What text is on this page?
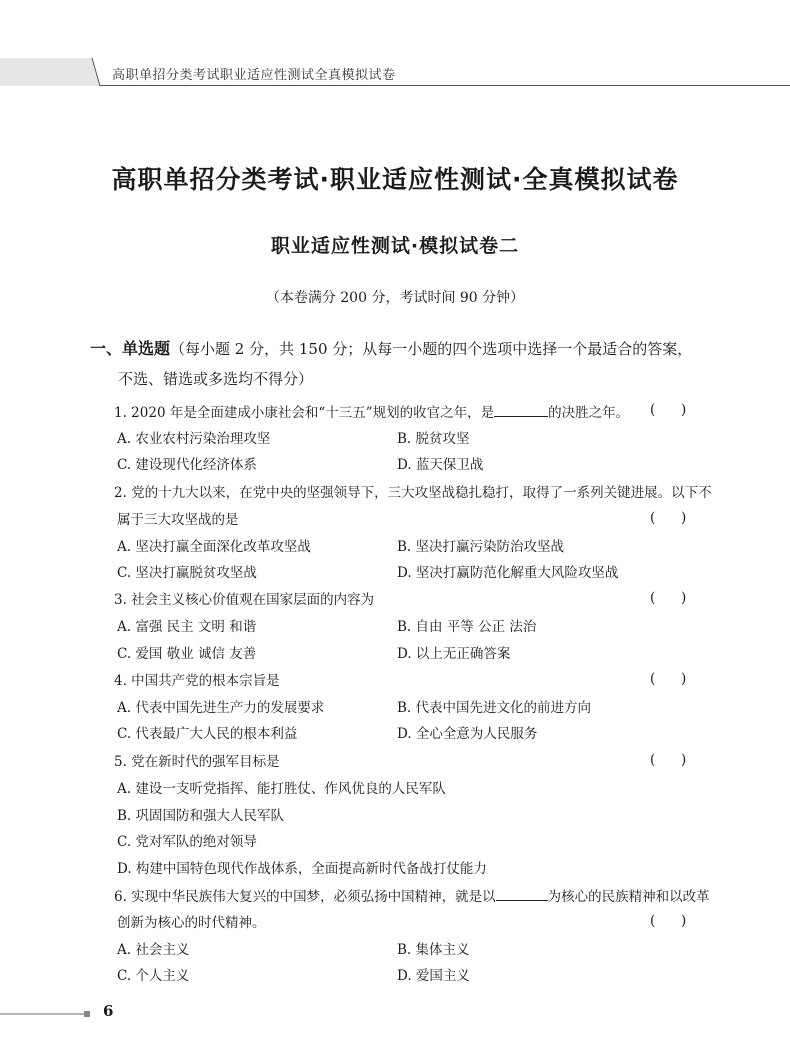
高职单招分类考试职业适应性测试全真模拟试卷
高职单招分类考试·职业适应性测试·全真模拟试卷
职业适应性测试·模拟试卷二
（本卷满分 200 分，考试时间 90 分钟）
一、单选题（每小题 2 分，共 150 分；从每一小题的四个选项中选择一个最适合的答案，
不选、错选或多选均不得分）
1. 2020 年是全面建成小康社会和“十三五”规划的收官之年，是	的决胜之年。	(      )
A. 农业农村污染治理攻坚	B. 脱贫攻坚
C. 建设现代化经济体系	D. 蓝天保卫战
2. 党的十九大以来，在党中央的坚强领导下，三大攻坚战稳扎稳打，取得了一系列关键进展。以下不
属于三大攻坚战的是	(      )
A. 坚决打赢全面深化改革攻坚战	B. 坚决打赢污染防治攻坚战
C. 坚决打赢脱贫攻坚战	D. 坚决打赢防范化解重大风险攻坚战
3. 社会主义核心价值观在国家层面的内容为	(      )
A. 富强 民主 文明 和谐	B. 自由 平等 公正 法治
C. 爱国 敬业 诚信 友善	D. 以上无正确答案
4. 中国共产党的根本宗旨是	(      )
A. 代表中国先进生产力的发展要求	B. 代表中国先进文化的前进方向
C. 代表最广大人民的根本利益	D. 全心全意为人民服务
5. 党在新时代的强军目标是	(      )
A. 建设一支听党指挥、能打胜仗、作风优良的人民军队
B. 巩固国防和强大人民军队
C. 党对军队的绝对领导
D. 构建中国特色现代作战体系，全面提高新时代备战打仗能力
6. 实现中华民族伟大复兴的中国梦，必须弘扬中国精神，就是以	为核心的民族精神和以改革
创新为核心的时代精神。	(      )
A. 社会主义	B. 集体主义
C. 个人主义	D. 爱国主义
6
